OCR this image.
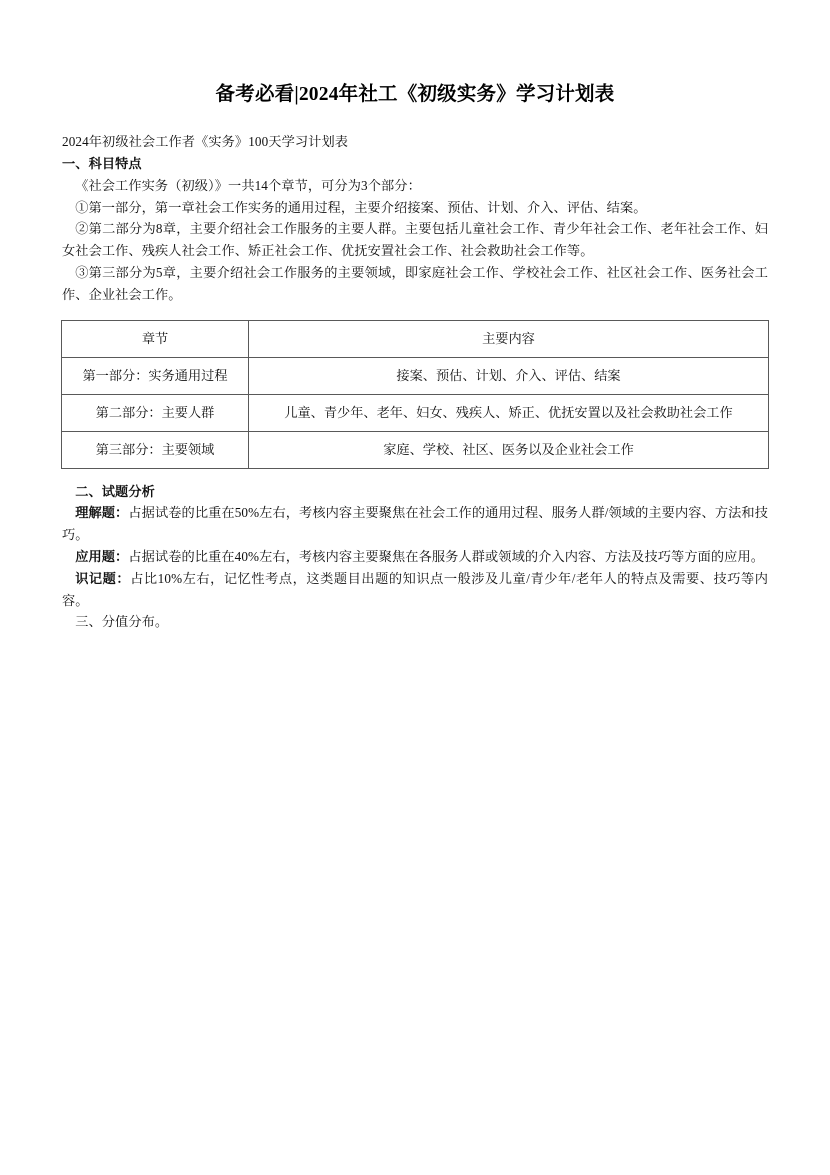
备考必看|2024年社工《初级实务》学习计划表

2024年初级社会工作者《实务》100天学习计划表

一、科目特点

《社会工作实务（初级）》一共14个章节，可分为3个部分：

①第一部分，第一章社会工作实务的通用过程，主要介绍接案、预估、计划、介入、评估、结案。

②第二部分为8章，主要介绍社会工作服务的主要人群。主要包括儿童社会工作、青少年社会工作、老年社会工作、妇女社会工作、残疾人社会工作、矫正社会工作、优抚安置社会工作、社会救助社会工作等。

③第三部分为5章，主要介绍社会工作服务的主要领域，即家庭社会工作、学校社会工作、社区社会工作、医务社会工作、企业社会工作。

章节	主要内容
第一部分：实务通用过程	接案、预估、计划、介入、评估、结案
第二部分：主要人群	儿童、青少年、老年、妇女、残疾人、矫正、优抚安置以及社会救助社会工作
第三部分：主要领域	家庭、学校、社区、医务以及企业社会工作

二、试题分析

理解题：占据试卷的比重在50%左右，考核内容主要聚焦在社会工作的通用过程、服务人群/领域的主要内容、方法和技巧。

应用题：占据试卷的比重在40%左右，考核内容主要聚焦在各服务人群或领域的介入内容、方法及技巧等方面的应用。

识记题：占比10%左右，记忆性考点，这类题目出题的知识点一般涉及儿童/青少年/老年人的特点及需要、技巧等内容。

三、分值分布。
